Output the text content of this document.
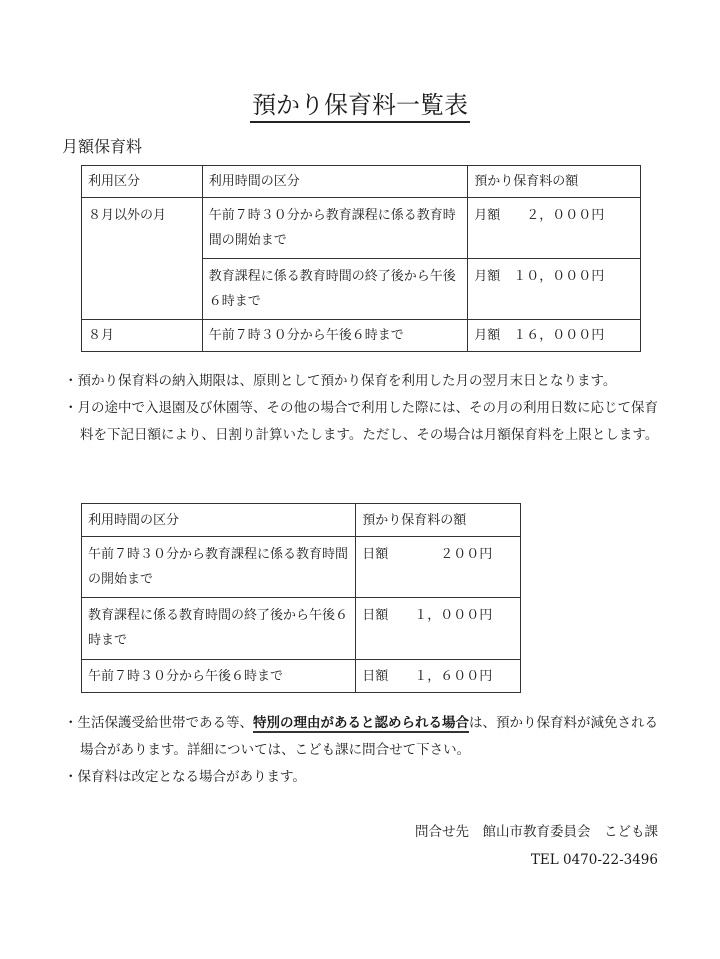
預かり保育料一覧表
月額保育料
利用区分	利用時間の区分	預かり保育料の額
８月以外の月	午前７時３０分から教育課程に係る教育時間の開始まで	月額　　２，０００円
	教育課程に係る教育時間の終了後から午後６時まで	月額　１０，０００円
８月	午前７時３０分から午後６時まで	月額　１６，０００円
・預かり保育料の納入期限は、原則として預かり保育を利用した月の翌月末日となります。
・月の途中で入退園及び休園等、その他の場合で利用した際には、その月の利用日数に応じて保育料を下記日額により、日割り計算いたします。ただし、その場合は月額保育料を上限とします。
利用時間の区分	預かり保育料の額
午前７時３０分から教育課程に係る教育時間の開始まで	日額　　　　２００円
教育課程に係る教育時間の終了後から午後６時まで	日額　　１，０００円
午前７時３０分から午後６時まで	日額　　１，６００円
・生活保護受給世帯である等、特別の理由があると認められる場合は、預かり保育料が減免される場合があります。詳細については、こども課に問合せて下さい。
・保育料は改定となる場合があります。
問合せ先　館山市教育委員会　こども課
TEL 0470-22-3496
